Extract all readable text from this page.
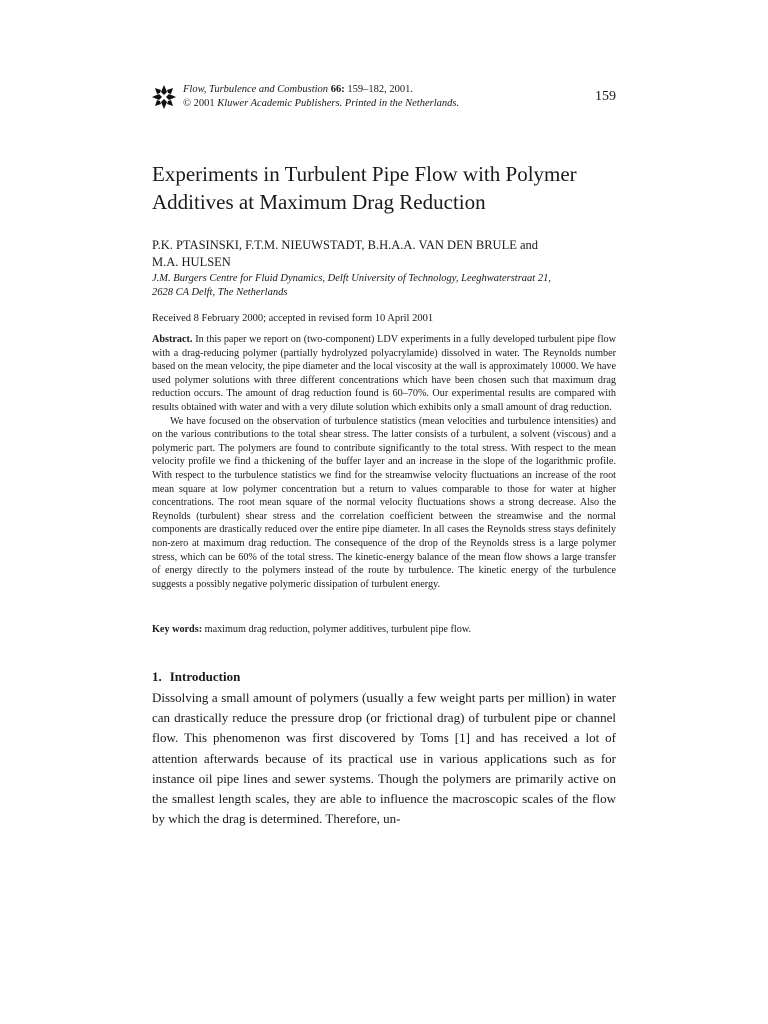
Flow, Turbulence and Combustion 66: 159–182, 2001.
© 2001 Kluwer Academic Publishers. Printed in the Netherlands.	159
Experiments in Turbulent Pipe Flow with Polymer
Additives at Maximum Drag Reduction
P.K. PTASINSKI, F.T.M. NIEUWSTADT, B.H.A.A. VAN DEN BRULE and
M.A. HULSEN
J.M. Burgers Centre for Fluid Dynamics, Delft University of Technology, Leeghwaterstraat 21,
2628 CA Delft, The Netherlands
Received 8 February 2000; accepted in revised form 10 April 2001

Abstract. In this paper we report on (two-component) LDV experiments in a fully developed turbulent pipe flow with a drag-reducing polymer (partially hydrolyzed polyacrylamide) dissolved in water. The Reynolds number based on the mean velocity, the pipe diameter and the local viscosity at the wall is approximately 10000. We have used polymer solutions with three different concentrations which have been chosen such that maximum drag reduction occurs. The amount of drag reduction found is 60–70%. Our experimental results are compared with results obtained with water and with a very dilute solution which exhibits only a small amount of drag reduction.

We have focused on the observation of turbulence statistics (mean velocities and turbulence intensities) and on the various contributions to the total shear stress. The latter consists of a turbulent, a solvent (viscous) and a polymeric part. The polymers are found to contribute significantly to the total stress. With respect to the mean velocity profile we find a thickening of the buffer layer and an increase in the slope of the logarithmic profile. With respect to the turbulence statistics we find for the streamwise velocity fluctuations an increase of the root mean square at low polymer concentration but a return to values comparable to those for water at higher concentrations. The root mean square of the normal velocity fluctuations shows a strong decrease. Also the Reynolds (turbulent) shear stress and the correlation coefficient between the streamwise and the normal components are drastically reduced over the entire pipe diameter. In all cases the Reynolds stress stays definitely non-zero at maximum drag reduction. The consequence of the drop of the Reynolds stress is a large polymer stress, which can be 60% of the total stress. The kinetic-energy balance of the mean flow shows a large transfer of energy directly to the polymers instead of the route by turbulence. The kinetic energy of the turbulence suggests a possibly negative polymeric dissipation of turbulent energy.

Key words: maximum drag reduction, polymer additives, turbulent pipe flow.
1. Introduction

Dissolving a small amount of polymers (usually a few weight parts per million) in water can drastically reduce the pressure drop (or frictional drag) of turbulent pipe or channel flow. This phenomenon was first discovered by Toms [1] and has received a lot of attention afterwards because of its practical use in various applications such as for instance oil pipe lines and sewer systems. Though the polymers are primarily active on the smallest length scales, they are able to influence the macroscopic scales of the flow by which the drag is determined. Therefore, un-
